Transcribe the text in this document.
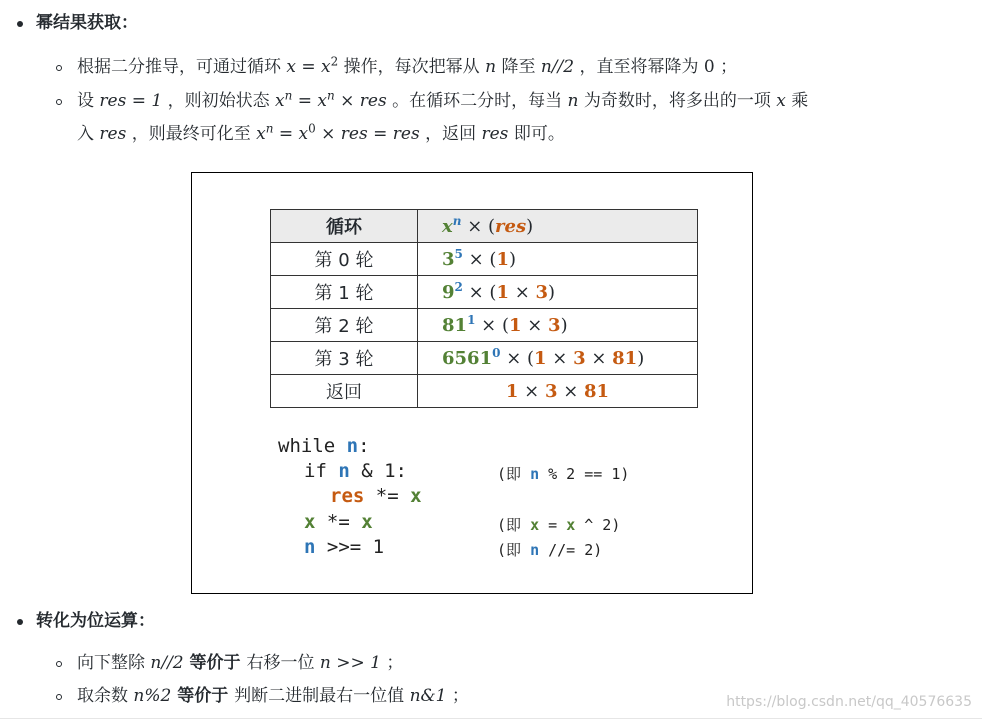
幂结果获取：
根据二分推导，可通过循环 $x = x^2$ 操作，每次把幂从 n 降至 n//2 ，直至将幂降为 0 ；
设 res = 1 ，则初始状态 $x^n = x^n$ × res 。在循环二分时，每当 n 为奇数时，将多出的一项 x 乘
入 res ，则最终可化至 $x^n = x^0$ × res = res ，返回 res 即可。
循环	$x^n \times (res)$
第 0 轮	$3^5 \times (1)$
第 1 轮	$9^2 \times (1 \times 3)$
第 2 轮	$81^1 \times (1 \times 3)$
第 3 轮	$6561^0 \times (1 \times 3 \times 81)$
返回	1 × 3 × 81
while n:
if n & 1:
res *= x
x *= x
n >>= 1
(即 n % 2 == 1)
(即 x = x ^ 2)
(即 n //= 2)
转化为位运算：
向下整除 n//2 等价于 右移一位 n >> 1 ；
取余数 n%2 等价于 判断二进制最右一位值 n&1 ；	https://blog.csdn.net/qq_40576635
